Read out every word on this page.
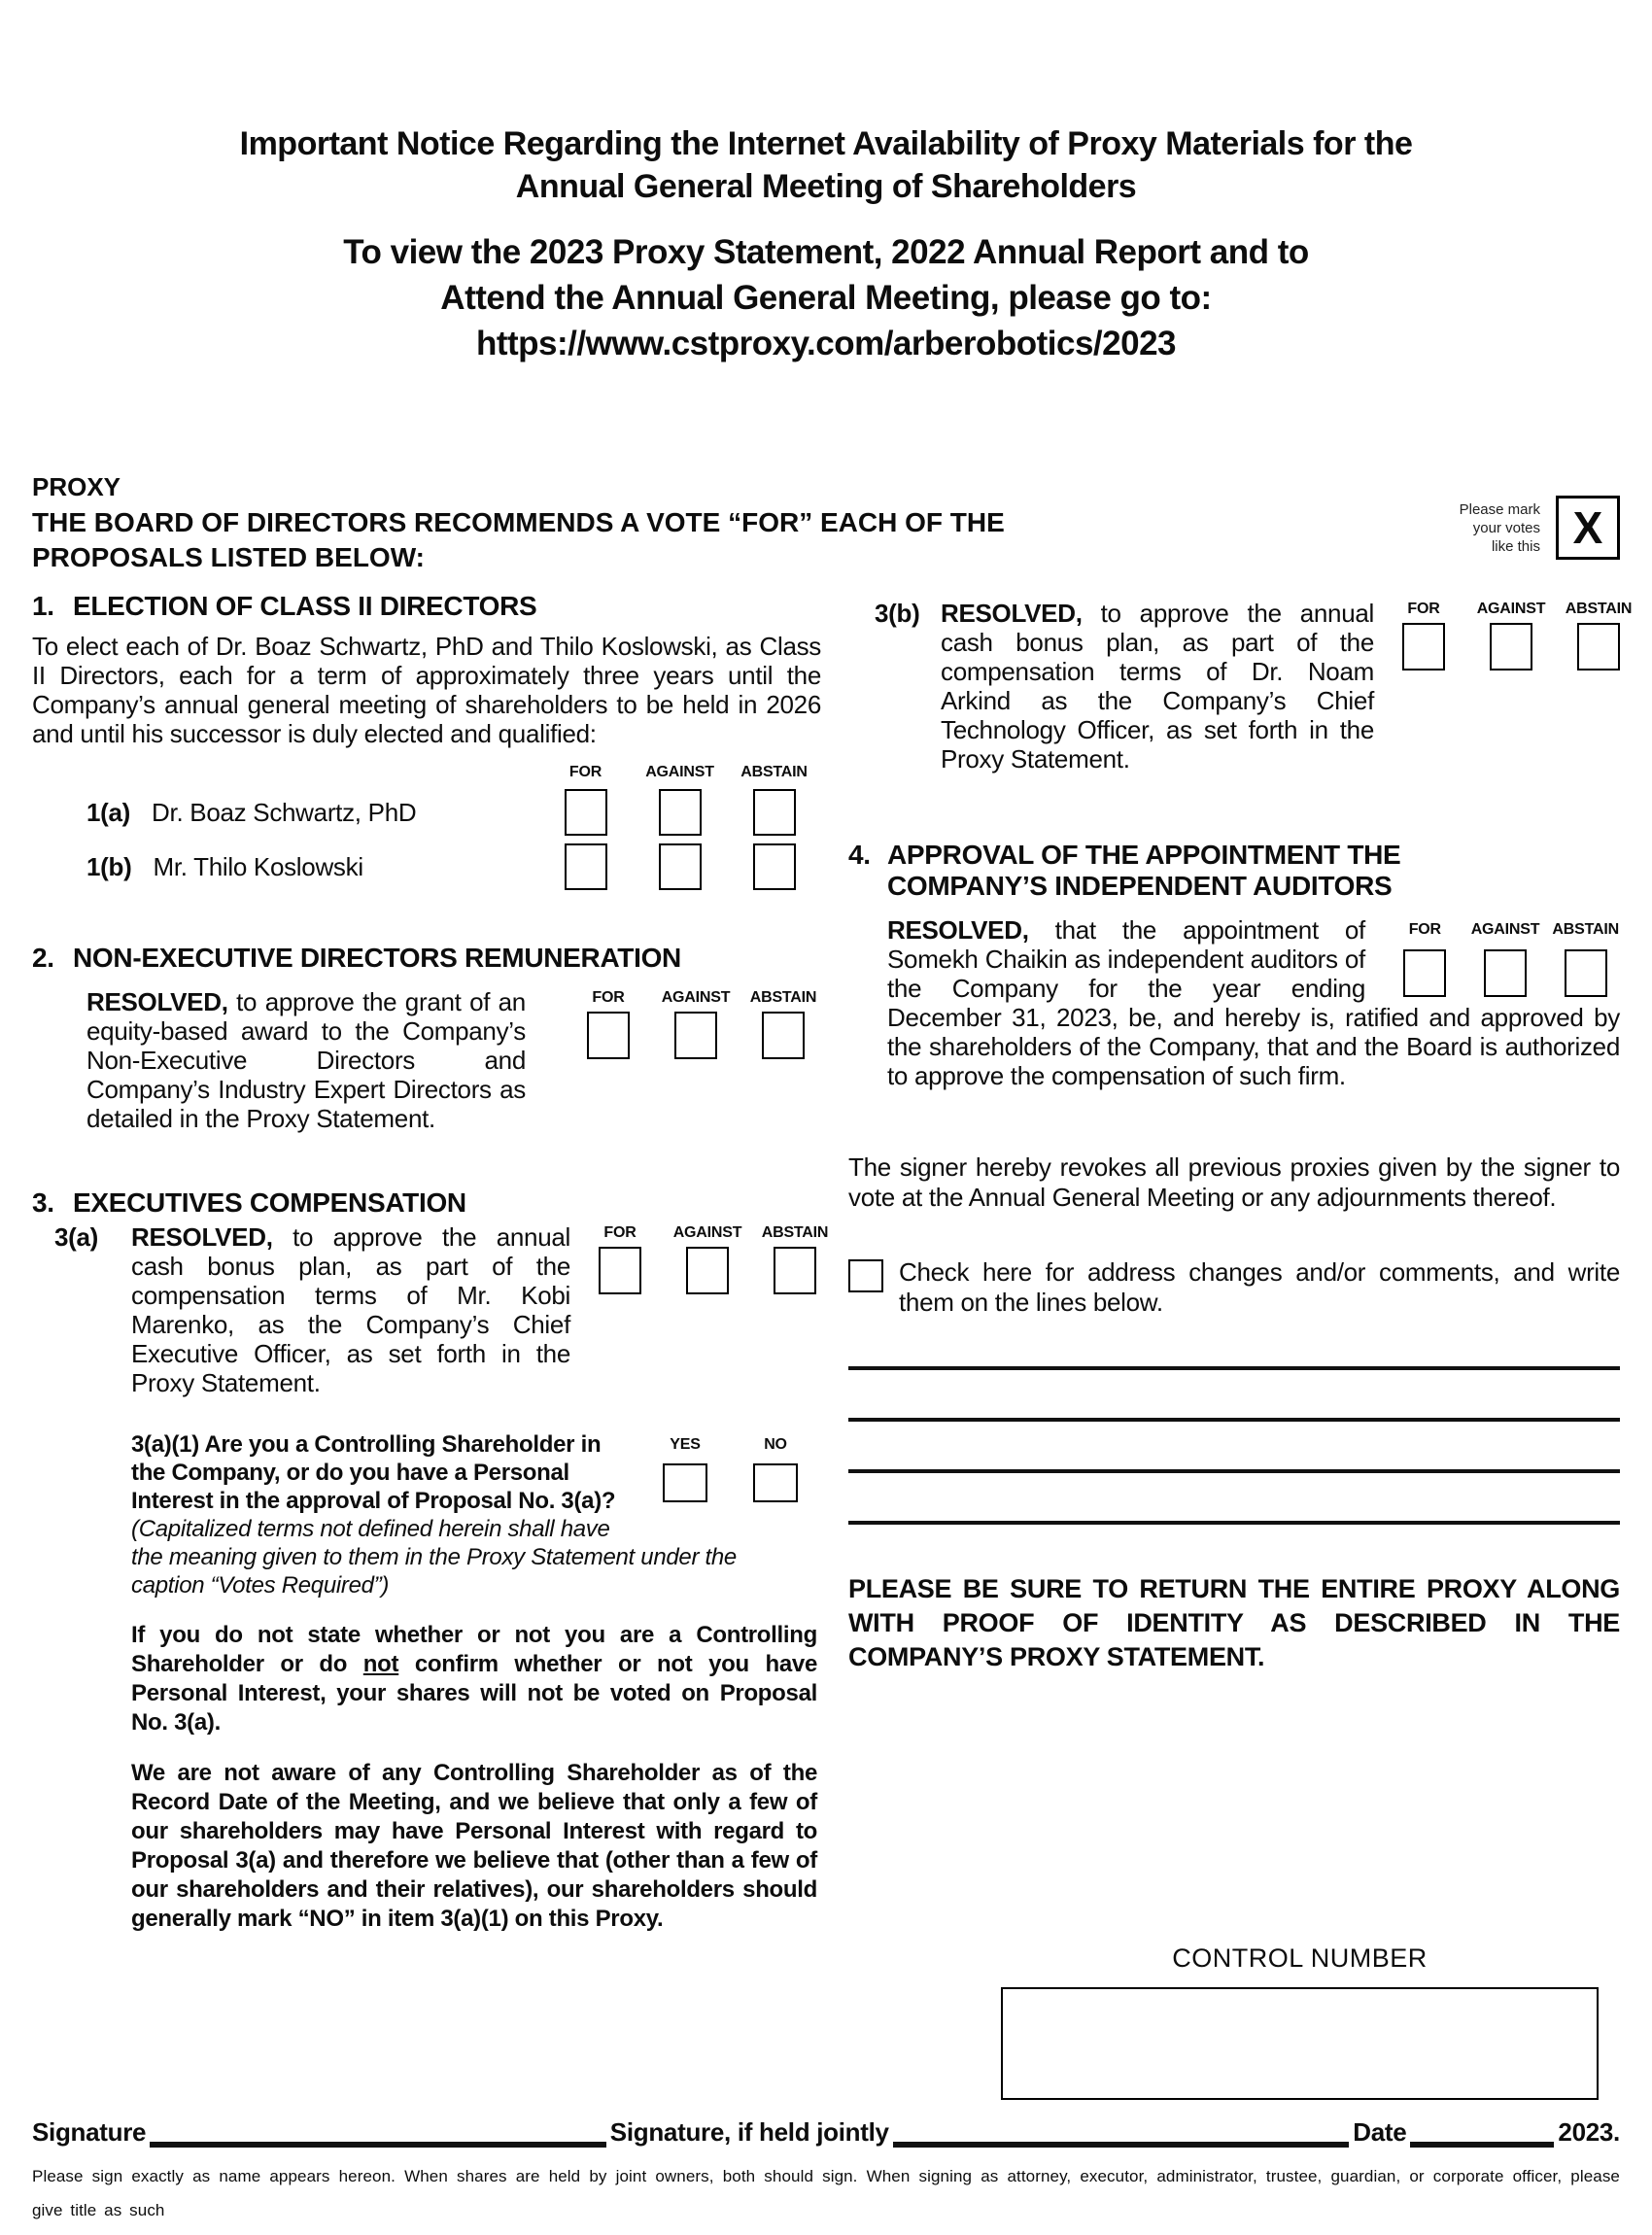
Important Notice Regarding the Internet Availability of Proxy Materials for the
Annual General Meeting of Shareholders
To view the 2023 Proxy Statement, 2022 Annual Report and to
Attend the Annual General Meeting, please go to:
https://www.cstproxy.com/arberobotics/2023
PROXY
THE BOARD OF DIRECTORS RECOMMENDS A VOTE “FOR” EACH OF THE PROPOSALS LISTED BELOW:
Please mark
your votes
like this X
1. ELECTION OF CLASS II DIRECTORS
To elect each of Dr. Boaz Schwartz, PhD and Thilo Koslowski, as Class II Directors, each for a term of approximately three years until the Company’s annual general meeting of shareholders to be held in 2026 and until his successor is duly elected and qualified:
FOR	AGAINST	ABSTAIN
1(a) Dr. Boaz Schwartz, PhD
1(b) Mr. Thilo Koslowski
2. NON-EXECUTIVE DIRECTORS REMUNERATION
RESOLVED, to approve the grant of an equity-based award to the Company’s Non-Executive Directors and Company’s Industry Expert Directors as detailed in the Proxy Statement.
FOR	AGAINST ABSTAIN
3. EXECUTIVES COMPENSATION
3(a)	RESOLVED, to approve the annual cash bonus plan, as part of the compensation terms of Mr. Kobi Marenko, as the Company’s Chief Executive Officer, as set forth in the Proxy Statement.
FOR	AGAINST ABSTAIN
YES	NO
3(a)(1) Are you a Controlling Shareholder in the Company, or do you have a Personal Interest in the approval of Proposal No. 3(a)? (Capitalized terms not defined herein shall have the meaning given to them in the Proxy Statement under the caption “Votes Required”)
If you do not state whether or not you are a Controlling Shareholder or do not confirm whether or not you have Personal Interest, your shares will not be voted on Proposal No. 3(a).
We are not aware of any Controlling Shareholder as of the Record Date of the Meeting, and we believe that only a few of our shareholders may have Personal Interest with regard to Proposal 3(a) and therefore we believe that (other than a few of our shareholders and their relatives), our shareholders should generally mark “NO” in item 3(a)(1) on this Proxy.
3(b) RESOLVED, to approve the annual cash bonus plan, as part of the compensation terms of Dr. Noam Arkind as the Company’s Chief Technology Officer, as set forth in the Proxy Statement.
FOR	AGAINST ABSTAIN
4. APPROVAL OF THE APPOINTMENT THE COMPANY’S INDEPENDENT AUDITORS
FOR	AGAINST ABSTAIN
RESOLVED, that the appointment of Somekh Chaikin as independent auditors of the Company for the year ending December 31, 2023, be, and hereby is, ratified and approved by the shareholders of the Company, that and the Board is authorized to approve the compensation of such firm.
The signer hereby revokes all previous proxies given by the signer to vote at the Annual General Meeting or any adjournments thereof.
Check here for address changes and/or comments, and write them on the lines below.
PLEASE BE SURE TO RETURN THE ENTIRE PROXY ALONG WITH PROOF OF IDENTITY AS DESCRIBED IN THE COMPANY’S PROXY STATEMENT.
CONTROL NUMBER
Signature	Signature, if held jointly	Date	2023.
Please sign exactly as name appears hereon. When shares are held by joint owners, both should sign. When signing as attorney, executor, administrator, trustee, guardian, or corporate officer, please give title as such
